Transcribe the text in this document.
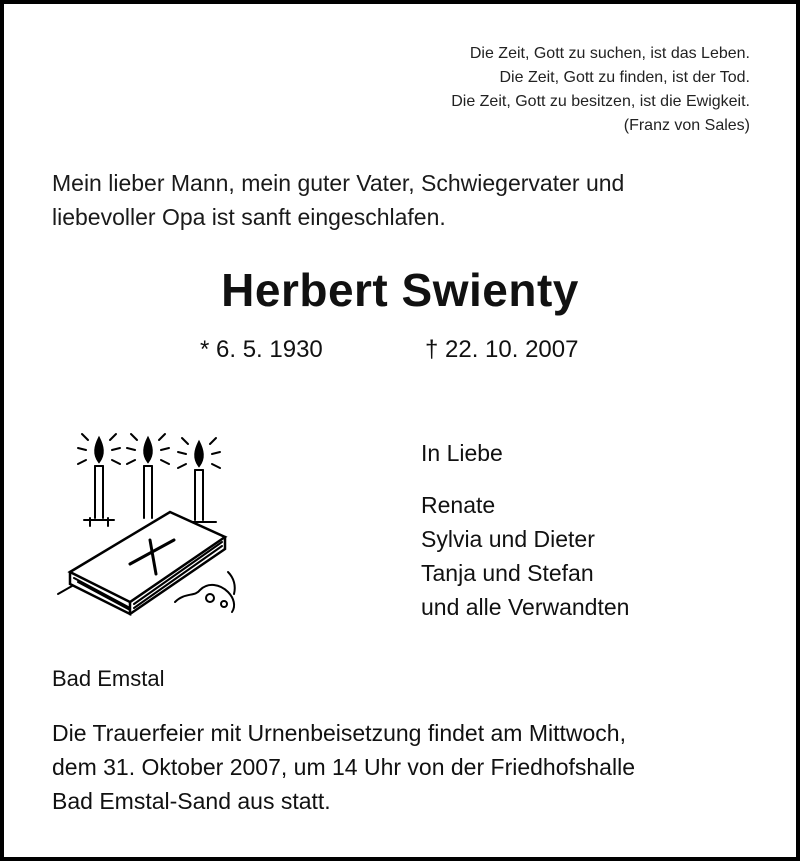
Die Zeit, Gott zu suchen, ist das Leben.
Die Zeit, Gott zu finden, ist der Tod.
Die Zeit, Gott zu besitzen, ist die Ewigkeit.
(Franz von Sales)
Mein lieber Mann, mein guter Vater, Schwiegervater und
liebevoller Opa ist sanft eingeschlafen.
Herbert Swienty
* 6. 5. 1930	† 22. 10. 2007
In Liebe
Renate
Sylvia und Dieter
Tanja und Stefan
und alle Verwandten
Bad Emstal
Die Trauerfeier mit Urnenbeisetzung findet am Mittwoch,
dem 31. Oktober 2007, um 14 Uhr von der Friedhofshalle
Bad Emstal-Sand aus statt.
